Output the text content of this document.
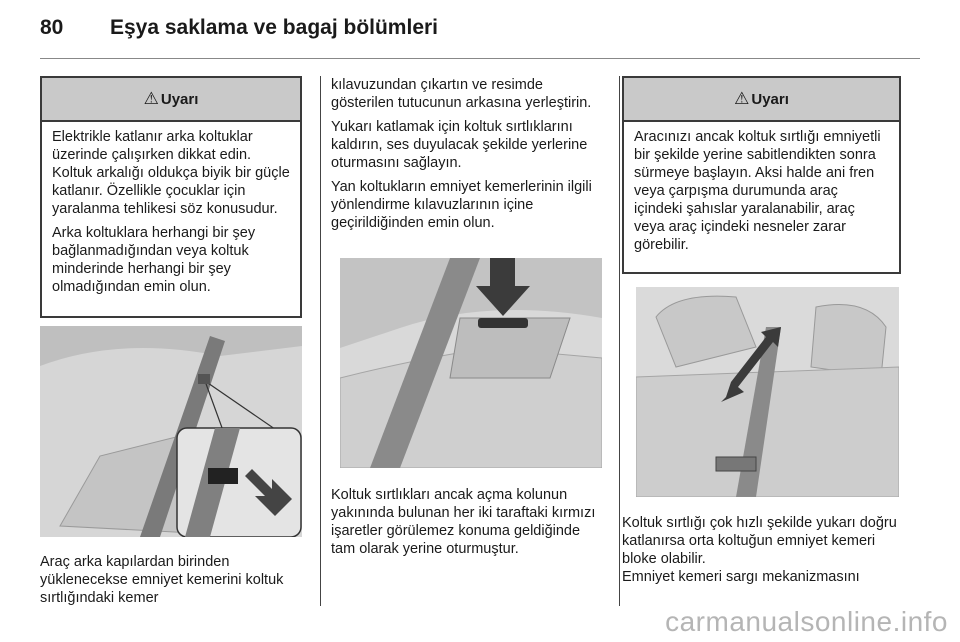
80	Eşya saklama ve bagaj bölümleri
⚠ Uyarı

Elektrikle katlanır arka koltuklar üzerinde çalışırken dikkat edin. Koltuk arkalığı oldukça biyik bir güçle katlanır. Özellikle çocuklar için yaralanma tehlikesi söz konusudur.

Arka koltuklara herhangi bir şey bağlanmadığından veya koltuk minderinde herhangi bir şey olmadığından emin olun.

Araç arka kapılardan birinden yüklenecekse emniyet kemerini koltuk sırtlığındaki kemer

kılavuzundan çıkartın ve resimde gösterilen tutucunun arkasına yerleştirin.

Yukarı katlamak için koltuk sırtlıklarını kaldırın, ses duyulacak şekilde yerlerine oturmasını sağlayın.

Yan koltukların emniyet kemerlerinin ilgili yönlendirme kılavuzlarının içine geçirildiğinden emin olun.

Koltuk sırtlıkları ancak açma kolunun yakınında bulunan her iki taraftaki kırmızı işaretler görülemez konuma geldiğinde tam olarak yerine oturmuştur.

⚠ Uyarı

Aracınızı ancak koltuk sırtlığı emniyetli bir şekilde yerine sabitlendikten sonra sürmeye başlayın. Aksi halde ani fren veya çarpışma durumunda araç içindeki şahıslar yaralanabilir, araç veya araç içindeki nesneler zarar görebilir.

Koltuk sırtlığı çok hızlı şekilde yukarı doğru katlanırsa orta koltuğun emniyet kemeri bloke olabilir.

Emniyet kemeri sargı mekanizmasını

carmanualsonline.info
